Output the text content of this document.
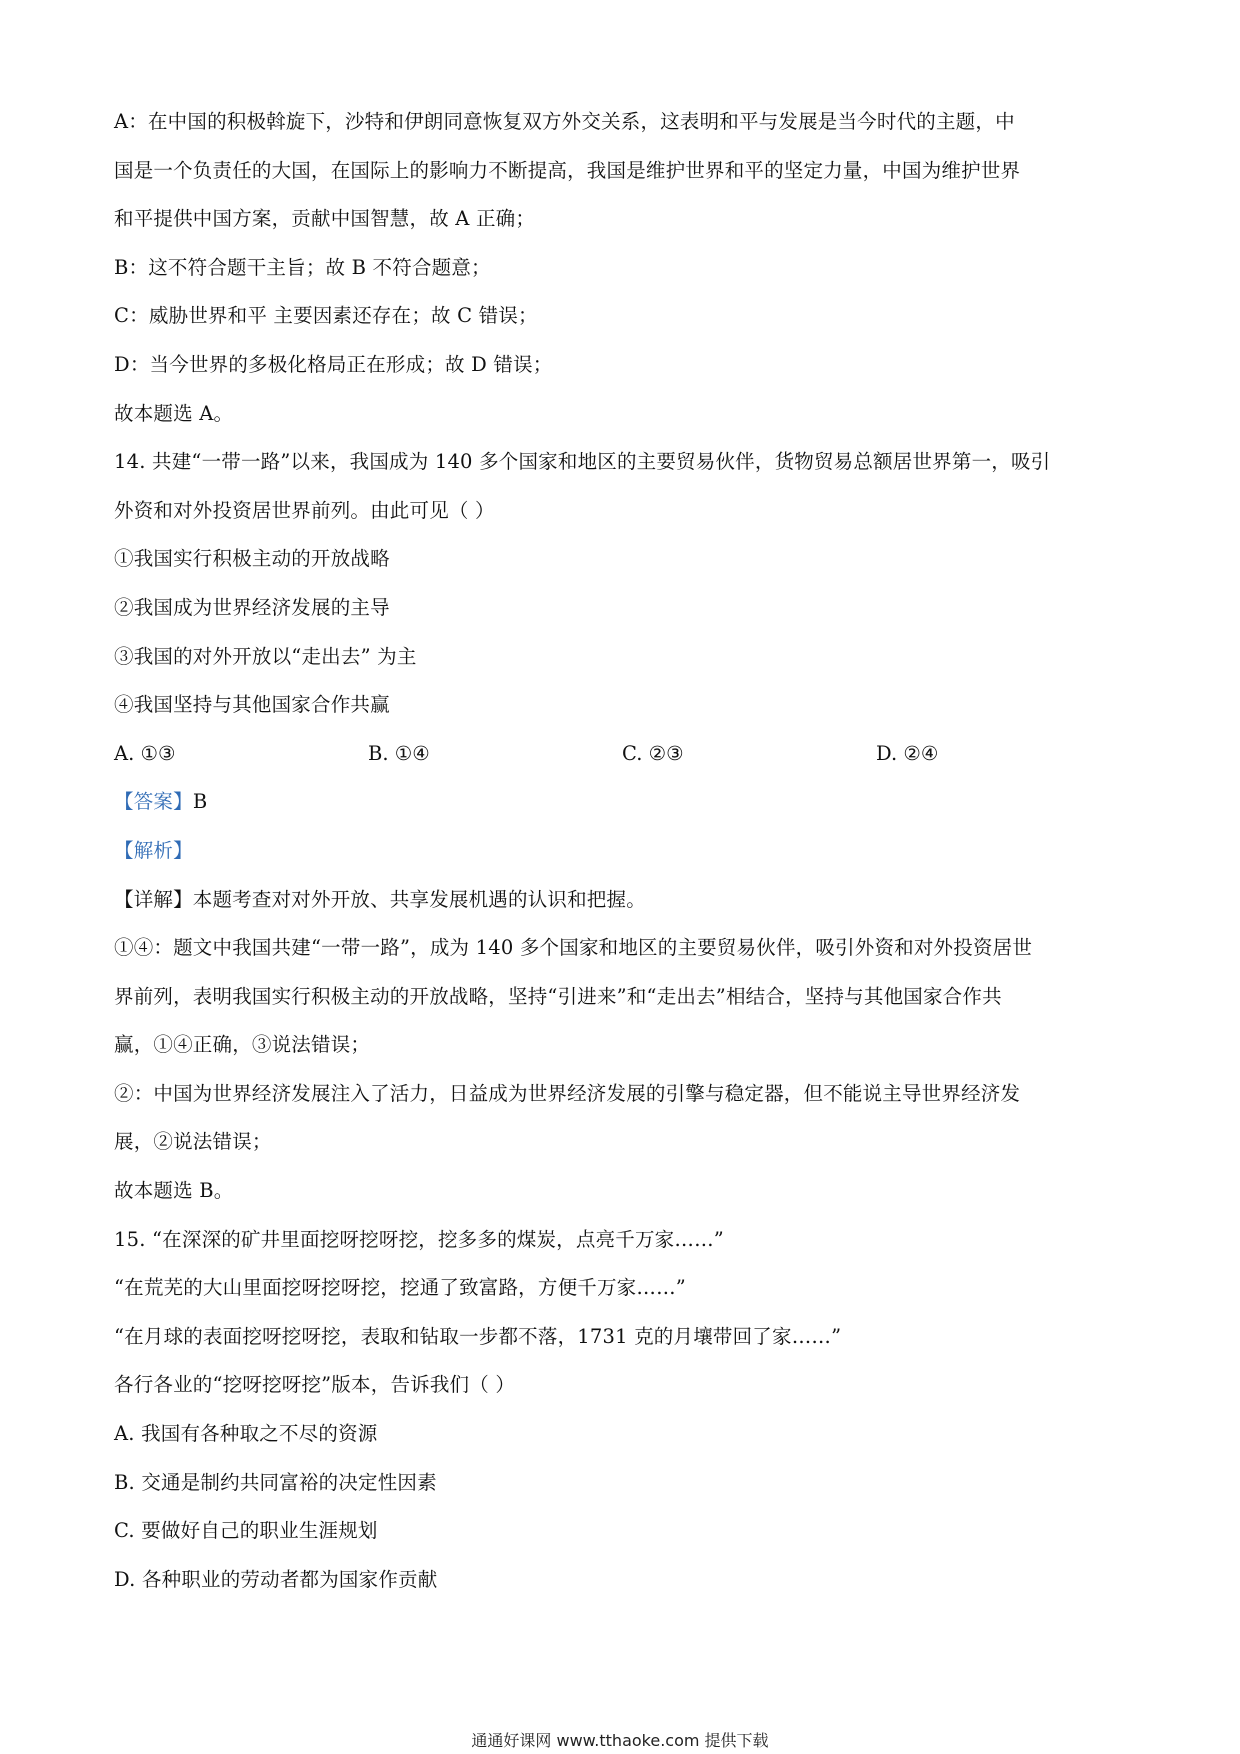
A：在中国的积极斡旋下，沙特和伊朗同意恢复双方外交关系，这表明和平与发展是当今时代的主题，中
国是一个负责任的大国，在国际上的影响力不断提高，我国是维护世界和平的坚定力量，中国为维护世界
和平提供中国方案，贡献中国智慧，故 A 正确；
B：这不符合题干主旨；故 B 不符合题意；
C：威胁世界和平 主要因素还存在；故 C 错误；
D：当今世界的多极化格局正在形成；故 D 错误；
故本题选 A。
14. 共建“一带一路”以来，我国成为 140 多个国家和地区的主要贸易伙伴，货物贸易总额居世界第一，吸引
外资和对外投资居世界前列。由此可见（ ）
①我国实行积极主动的开放战略
②我国成为世界经济发展的主导
③我国的对外开放以“走出去” 为主
④我国坚持与其他国家合作共赢
A. ①③	B. ①④	C. ②③	D. ②④
【答案】B
【解析】
【详解】本题考查对对外开放、共享发展机遇的认识和把握。
①④：题文中我国共建“一带一路”，成为 140 多个国家和地区的主要贸易伙伴，吸引外资和对外投资居世
界前列，表明我国实行积极主动的开放战略，坚持“引进来”和“走出去”相结合，坚持与其他国家合作共
赢，①④正确，③说法错误；
②：中国为世界经济发展注入了活力，日益成为世界经济发展的引擎与稳定器，但不能说主导世界经济发
展，②说法错误；
故本题选 B。
15. “在深深的矿井里面挖呀挖呀挖，挖多多的煤炭，点亮千万家……”
“在荒芜的大山里面挖呀挖呀挖，挖通了致富路，方便千万家……”
“在月球的表面挖呀挖呀挖，表取和钻取一步都不落，1731 克的月壤带回了家……”
各行各业的“挖呀挖呀挖”版本，告诉我们（ ）
A. 我国有各种取之不尽的资源
B. 交通是制约共同富裕的决定性因素
C. 要做好自己的职业生涯规划
D. 各种职业的劳动者都为国家作贡献
通通好课网 www.tthaoke.com 提供下载
